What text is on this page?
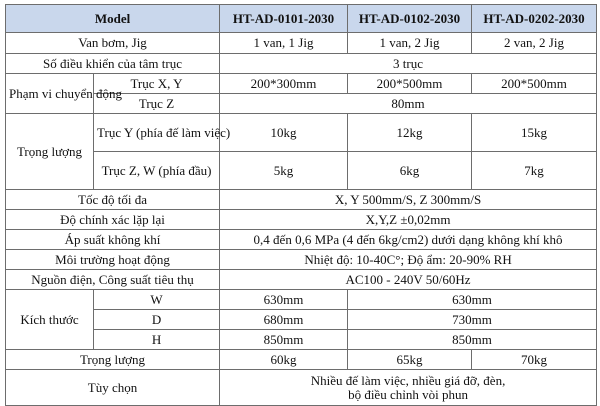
Model		HT-AD-0101-2030	HT-AD-0102-2030	HT-AD-0202-2030
Van bơm, Jig		1 van, 1 Jig	1 van, 2 Jig	2 van, 2 Jig
Số điều khiển của tâm trục		3 trục		
Phạm vi chuyển động	Trục X, Y	200*300mm	200*500mm	200*500mm
	Trục Z	80mm		
Trọng lượng	Trục Y (phía đế làm việc)	10kg	12kg	15kg
	Trục Z, W (phía đầu)	5kg	6kg	7kg
Tốc độ tối đa		X, Y 500mm/S, Z 300mm/S		
Độ chính xác lặp lại		X,Y,Z ±0,02mm		
Áp suất không khí		0,4 đến 0,6 MPa (4 đến 6kg/cm2) dưới dạng không khí khô		
Môi trường hoạt động		Nhiệt độ: 10-40C°; Độ ẩm: 20-90% RH		
Nguồn điện, Công suất tiêu thụ		AC100 - 240V 50/60Hz		
Kích thước	W	630mm	630mm	
	D	680mm	730mm	
	H	850mm	850mm	
Trọng lượng		60kg	65kg	70kg
Tùy chọn		Nhiều đế làm việc, nhiều giá đỡ, đèn,
bộ điều chỉnh vòi phun		
